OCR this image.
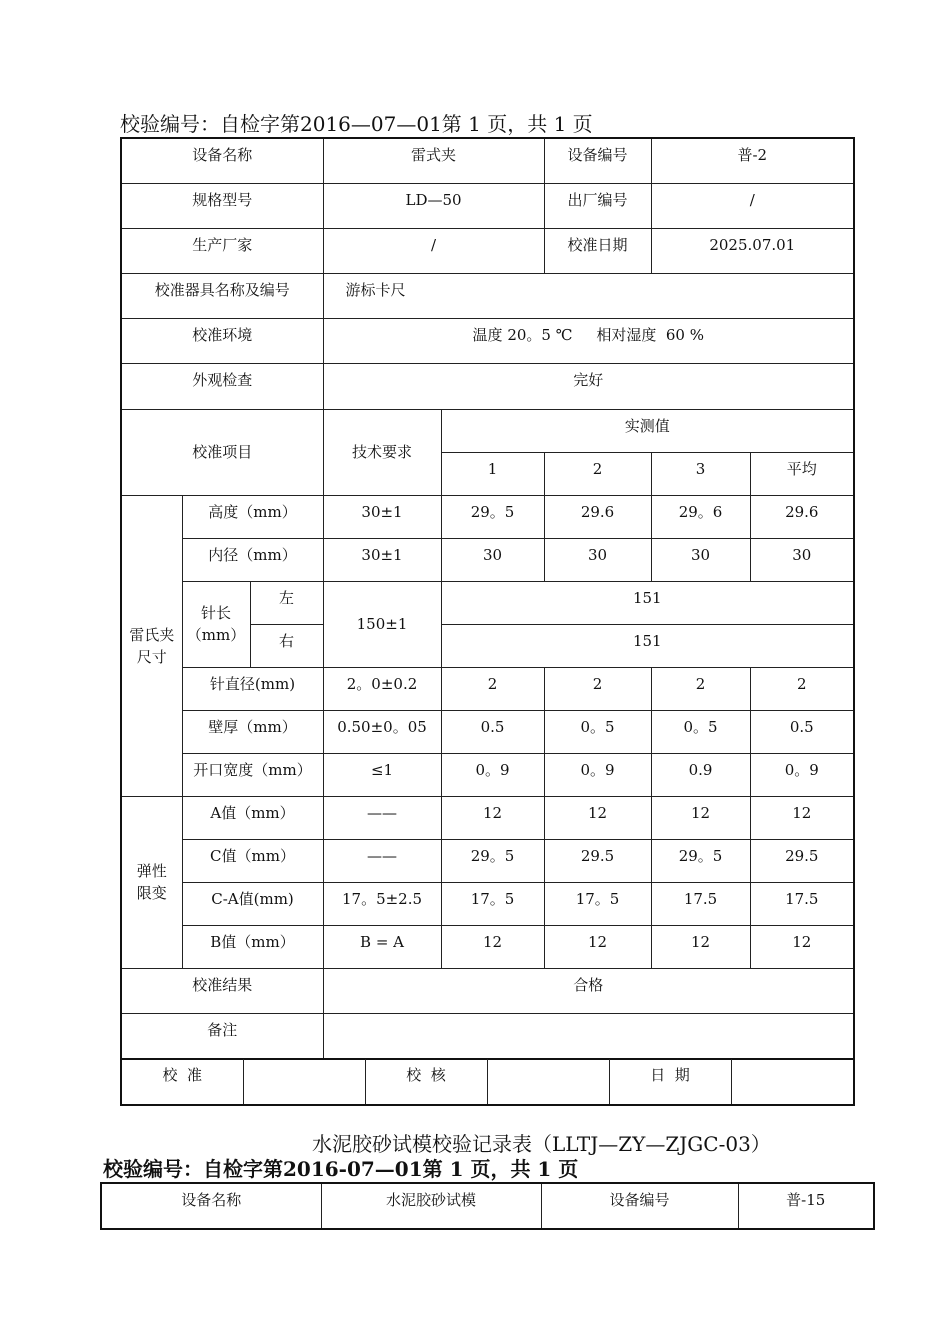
校验编号：自检字第2016—07—01第 1 页，共 1 页
设备名称			雷式夹		设备编号	普-2	

规格型号			LD—50		出厂编号	/	

生产厂家			/		校准日期	2025.07.01	

校准器具名称及编号			游标卡尺				

校准环境			温度 20。5 ℃     相对湿度  60 %				

外观检查			完好				

校准项目			技术要求	实测值			

				1	2	3	平均

雷氏夹
尺寸	高度（mm）		30±1	29。5	29.6	29。6	29.6

	内径（mm）		30±1	30	30	30	30

	针长
（mm）	左	150±1	151			

		右		151			

	针直径(mm)		2。0±0.2	2	2	2	2

	壁厚（mm）		0.50±0。05	0.5	0。5	0。5	0.5

	开口宽度（mm）		≤1	0。9	0。9	0.9	0。9

弹性
限变	A值（mm）		——	12	12	12	12

	C值（mm）		——	29。5	29.5	29。5	29.5

	C-A值(mm)		17。5±2.5	17。5	17。5	17.5	17.5

	B值（mm）		B = A	12	12	12	12

校准结果			合格				

备注							

校  准		校  核		日  期

水泥胶砂试模校验记录表（LLTJ—ZY—ZJGC-03）
校验编号：自检字第2016-07—01第 1 页，共 1 页
设备名称	水泥胶砂试模	设备编号	普-15
